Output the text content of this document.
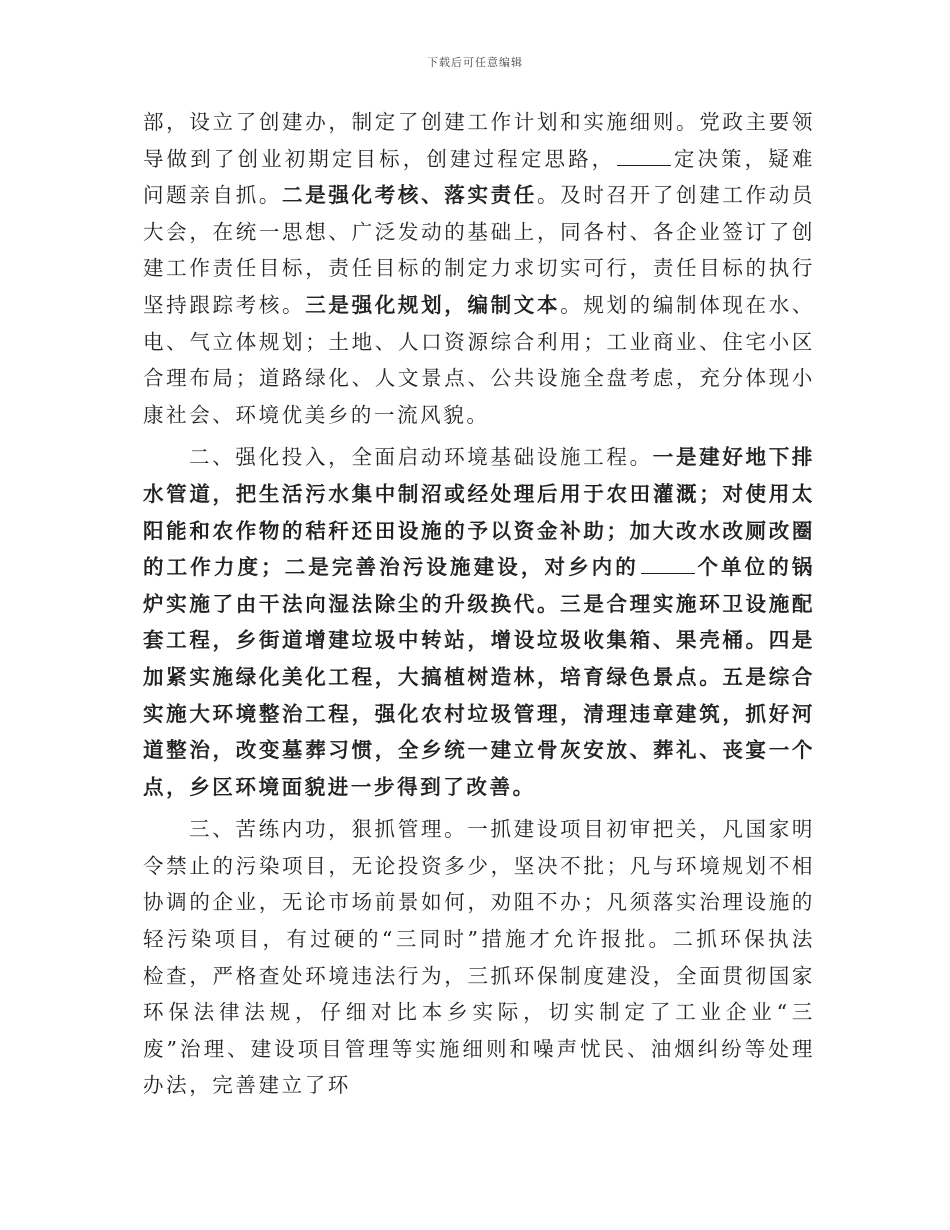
下载后可任意编辑

部，设立了创建办，制定了创建工作计划和实施细则。党政主要领导做到了创业初期定目标，创建过程定思路，	定决策，疑难问题亲自抓。二是强化考核、落实责任。及时召开了创建工作动员大会，在统一思想、广泛发动的基础上，同各村、各企业签订了创建工作责任目标，责任目标的制定力求切实可行，责任目标的执行坚持跟踪考核。三是强化规划，编制文本。规划的编制体现在水、电、气立体规划；土地、人口资源综合利用；工业商业、住宅小区合理布局；道路绿化、人文景点、公共设施全盘考虑，充分体现小康社会、环境优美乡的一流风貌。

二、强化投入，全面启动环境基础设施工程。一是建好地下排水管道，把生活污水集中制沼或经处理后用于农田灌溉；对使用太阳能和农作物的秸秆还田设施的予以资金补助；加大改水改厕改圈的工作力度；二是完善治污设施建设，对乡内的	个单位的锅炉实施了由干法向湿法除尘的升级换代。三是合理实施环卫设施配套工程，乡街道增建垃圾中转站，增设垃圾收集箱、果壳桶。四是加紧实施绿化美化工程，大搞植树造林，培育绿色景点。五是综合实施大环境整治工程，强化农村垃圾管理，清理违章建筑，抓好河道整治，改变墓葬习惯，全乡统一建立骨灰安放、葬礼、丧宴一个点，乡区环境面貌进一步得到了改善。

三、苦练内功，狠抓管理。一抓建设项目初审把关，凡国家明令禁止的污染项目，无论投资多少，坚决不批；凡与环境规划不相协调的企业，无论市场前景如何，劝阻不办；凡须落实治理设施的轻污染项目，有过硬的“三同时”措施才允许报批。二抓环保执法检查，严格查处环境违法行为，三抓环保制度建没，全面贯彻国家环保法律法规，仔细对比本乡实际，切实制定了工业企业“三废”治理、建设项目管理等实施细则和噪声忧民、油烟纠纷等处理办法，完善建立了环
